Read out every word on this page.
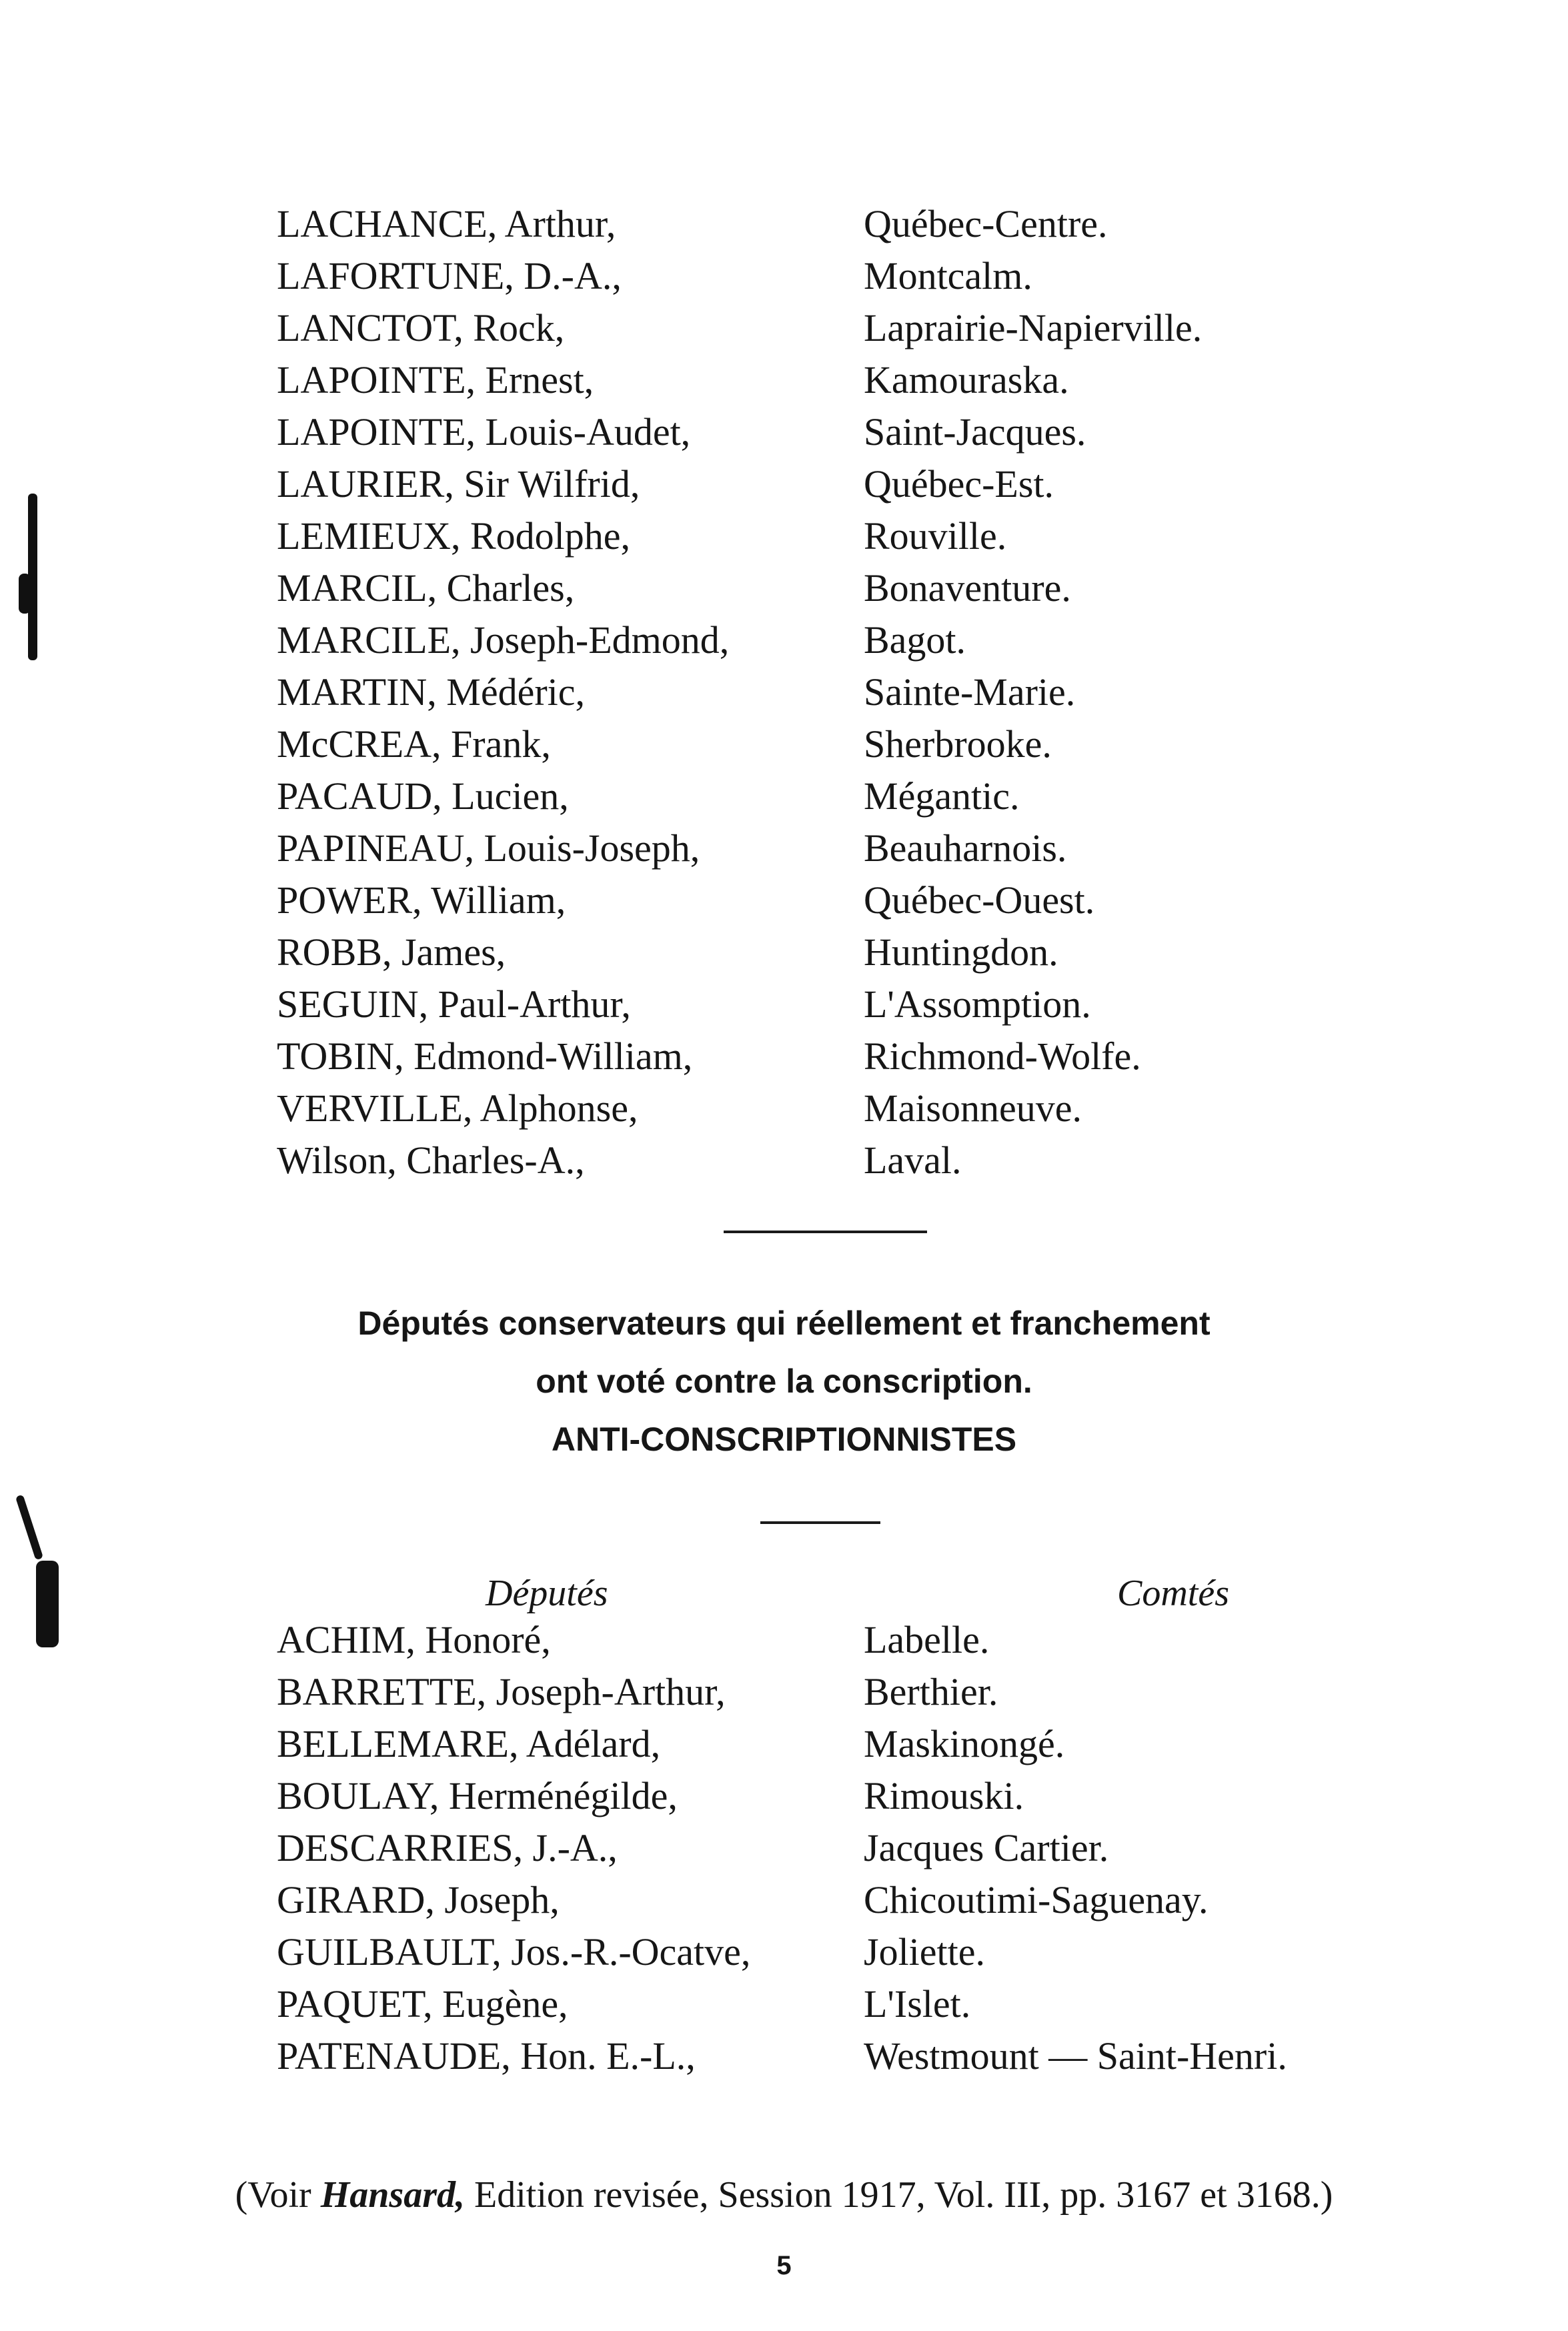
LACHANCE, Arthur,	Québec-Centre.
LAFORTUNE, D.-A.,	Montcalm.
LANCTOT, Rock,	Laprairie-Napierville.
LAPOINTE, Ernest,	Kamouraska.
LAPOINTE, Louis-Audet,	Saint-Jacques.
LAURIER, Sir Wilfrid,	Québec-Est.
LEMIEUX, Rodolphe,	Rouville.
MARCIL, Charles,	Bonaventure.
MARCILE, Joseph-Edmond,	Bagot.
MARTIN, Médéric,	Sainte-Marie.
McCREA, Frank,	Sherbrooke.
PACAUD, Lucien,	Mégantic.
PAPINEAU, Louis-Joseph,	Beauharnois.
POWER, William,	Québec-Ouest.
ROBB, James,	Huntingdon.
SEGUIN, Paul-Arthur,	L'Assomption.
TOBIN, Edmond-William,	Richmond-Wolfe.
VERVILLE, Alphonse,	Maisonneuve.
Wilson, Charles-A.,	Laval.
Députés conservateurs qui réellement et franchement
ont voté contre la conscription.
ANTI-CONSCRIPTIONNISTES
Députés	Comtés
ACHIM, Honoré,	Labelle.
BARRETTE, Joseph-Arthur,	Berthier.
BELLEMARE, Adélard,	Maskinongé.
BOULAY, Herménégilde,	Rimouski.
DESCARRIES, J.-A.,	Jacques Cartier.
GIRARD, Joseph,	Chicoutimi-Saguenay.
GUILBAULT, Jos.-R.-Ocatve,	Joliette.
PAQUET, Eugène,	L'Islet.
PATENAUDE, Hon. E.-L.,	Westmount — Saint-Henri.
(Voir Hansard, Edition revisée, Session 1917, Vol. III, pp. 3167 et 3168.)
5
